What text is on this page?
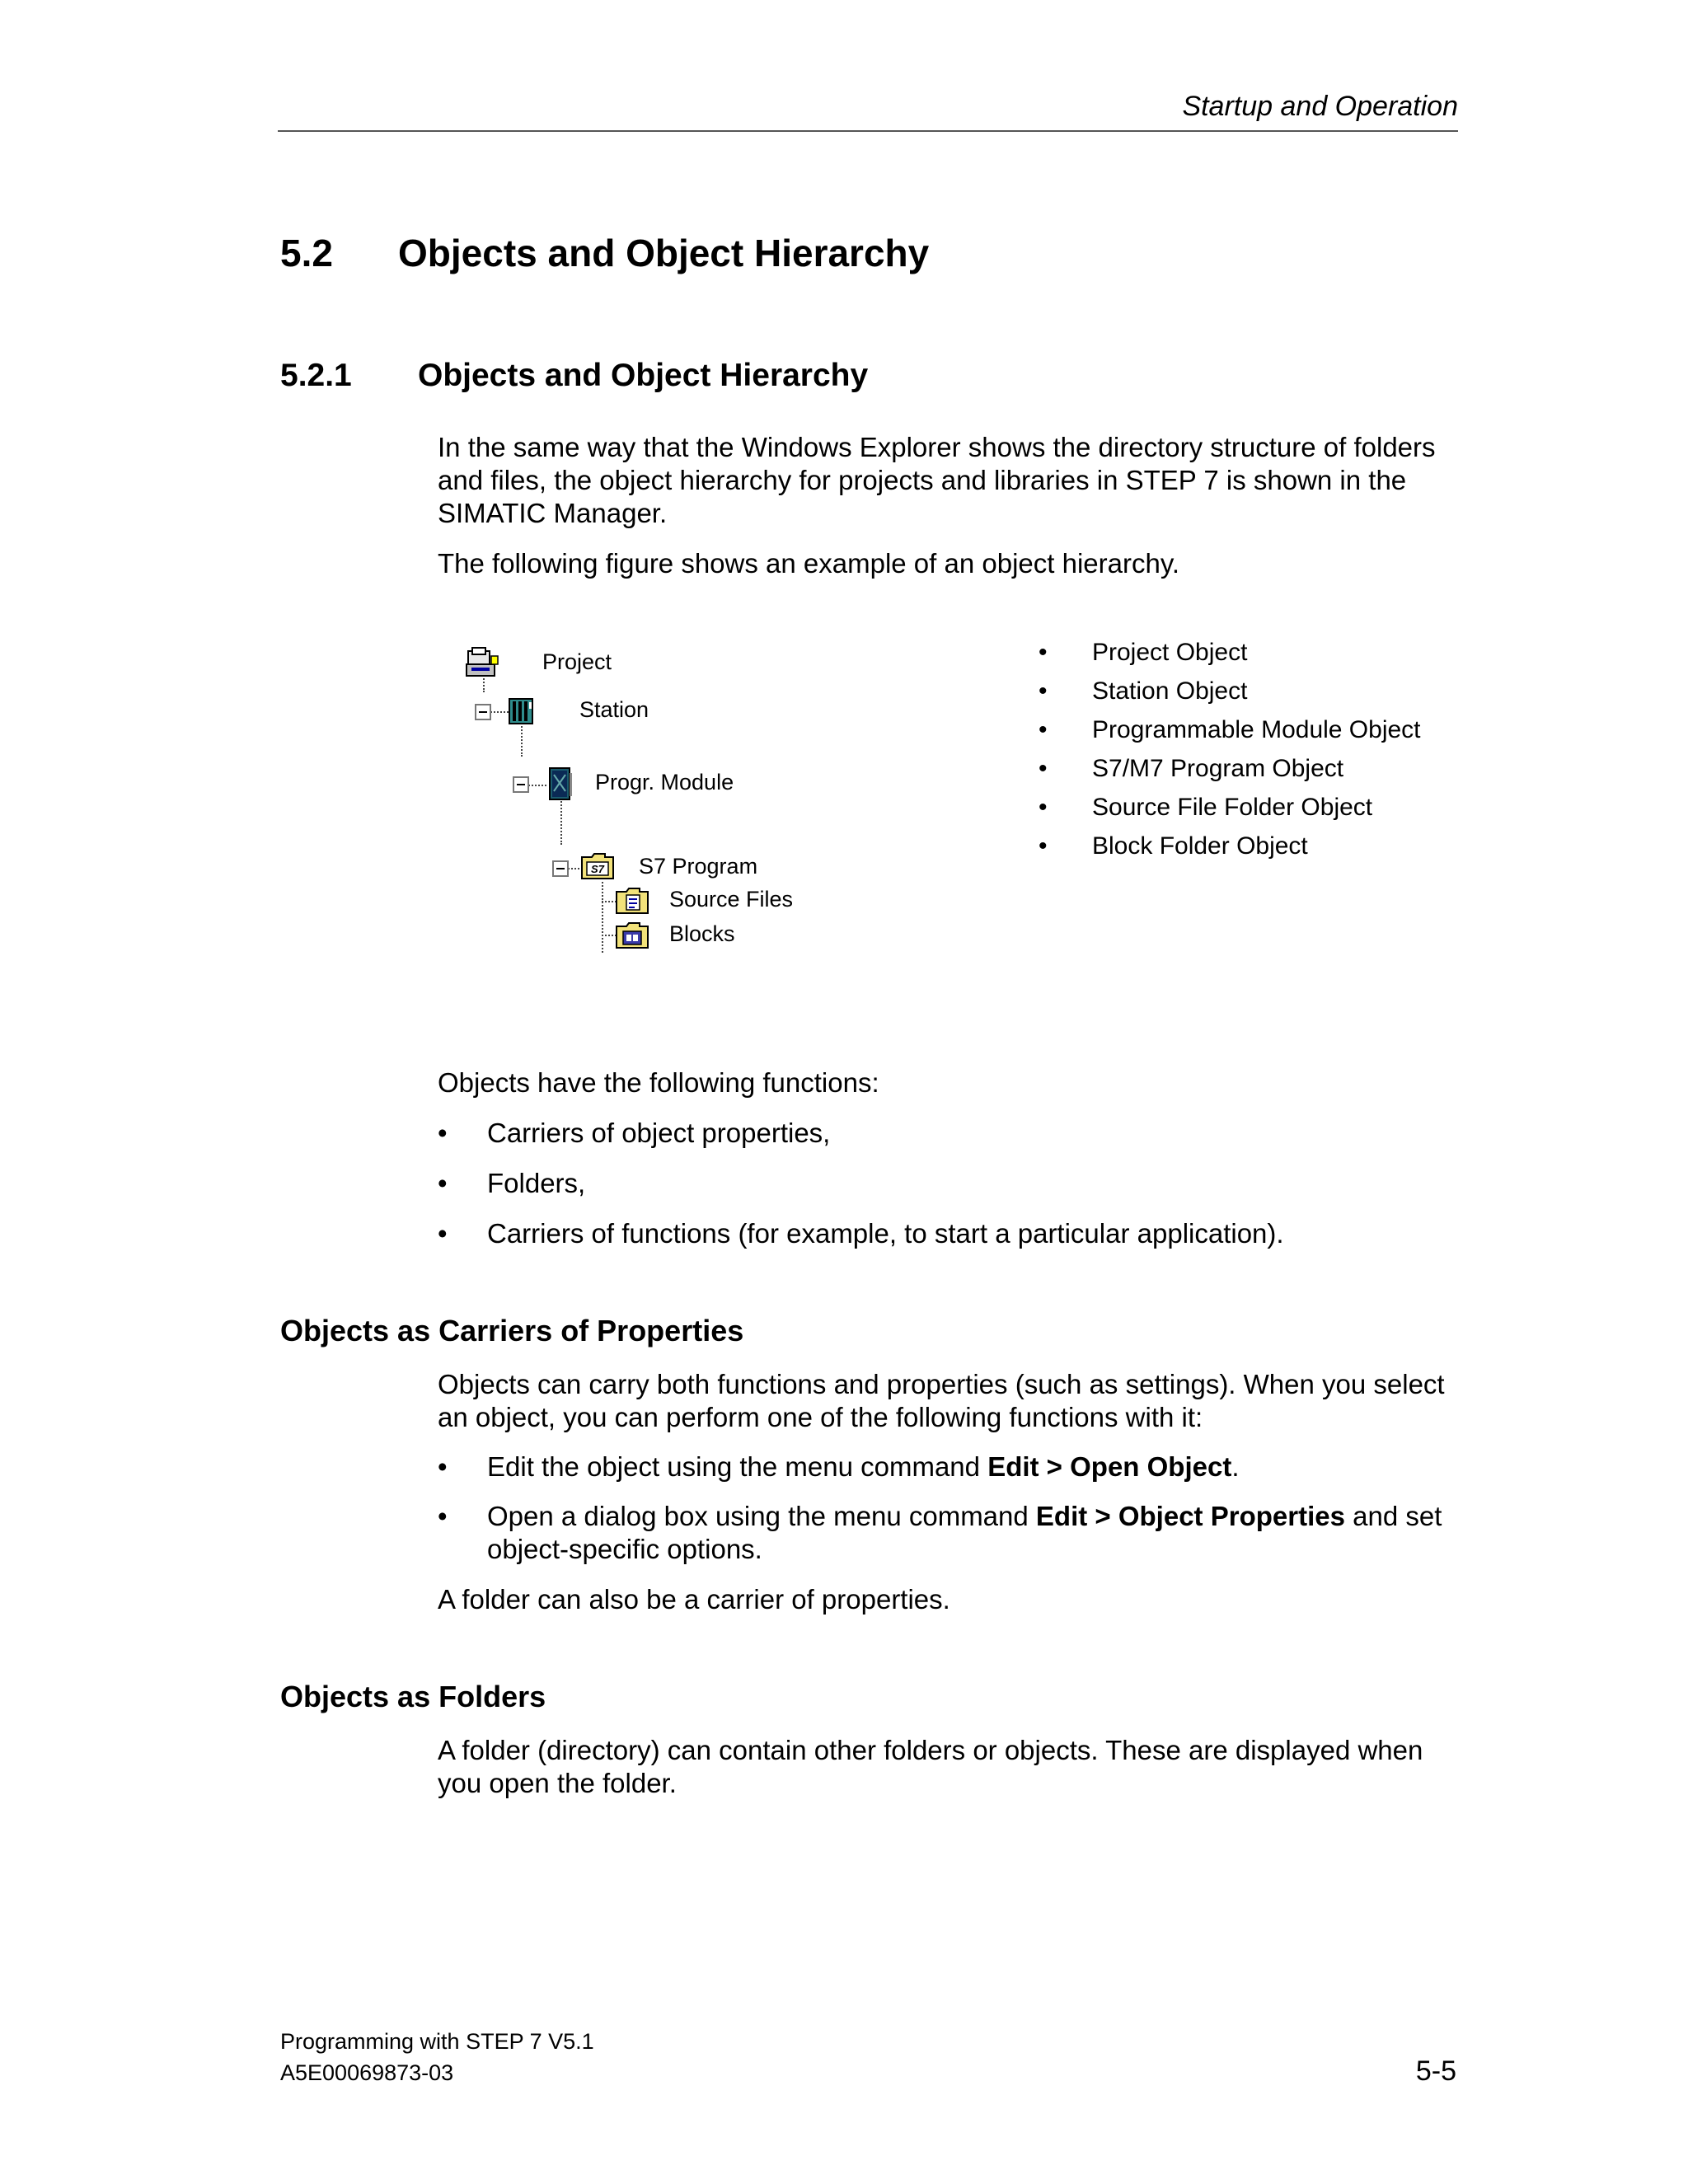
Startup and Operation
5.2 Objects and Object Hierarchy
5.2.1 Objects and Object Hierarchy
In the same way that the Windows Explorer shows the directory structure of folders and files, the object hierarchy for projects and libraries in STEP 7 is shown in the SIMATIC Manager.
The following figure shows an example of an object hierarchy.
Project
Station
Progr. Module
S7 S7 Program
Source Files
Blocks
• Project Object
• Station Object
• Programmable Module Object
• S7/M7 Program Object
• Source File Folder Object
• Block Folder Object
Objects have the following functions:
• Carriers of object properties,
• Folders,
• Carriers of functions (for example, to start a particular application).
Objects as Carriers of Properties
Objects can carry both functions and properties (such as settings). When you select an object, you can perform one of the following functions with it:
• Edit the object using the menu command Edit > Open Object.
• Open a dialog box using the menu command Edit > Object Properties and set object-specific options.
A folder can also be a carrier of properties.
Objects as Folders
A folder (directory) can contain other folders or objects. These are displayed when you open the folder.
Programming with STEP 7 V5.1
A5E00069873-03	5-5
